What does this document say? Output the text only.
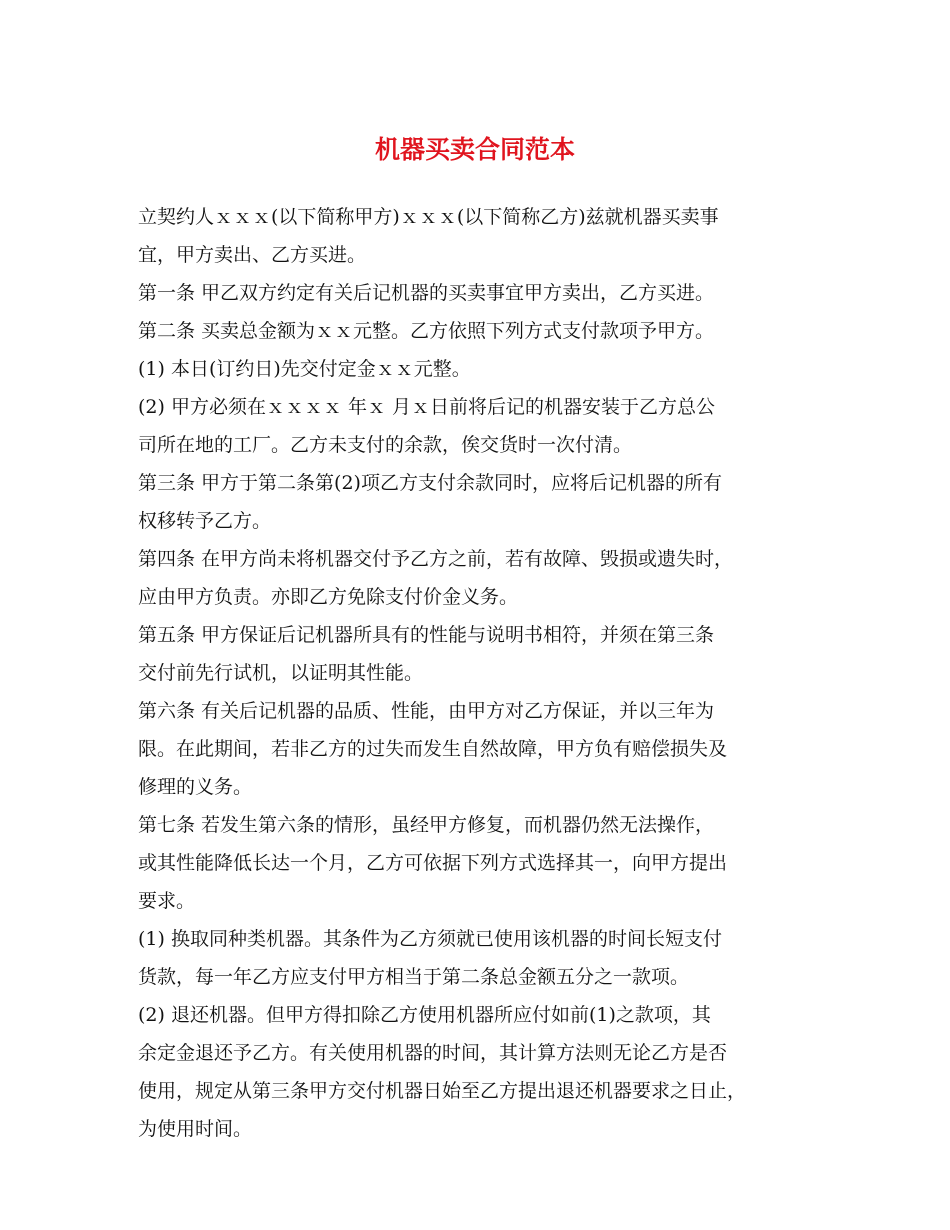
机器买卖合同范本

立契约人ｘｘｘ(以下简称甲方)ｘｘｘ(以下简称乙方)兹就机器买卖事
宜，甲方卖出、乙方买进。

第一条 甲乙双方约定有关后记机器的买卖事宜甲方卖出，乙方买进。

第二条 买卖总金额为ｘｘ元整。乙方依照下列方式支付款项予甲方。

(1) 本日(订约日)先交付定金ｘｘ元整。

(2) 甲方必须在ｘｘｘｘ 年ｘ 月ｘ日前将后记的机器安装于乙方总公
司所在地的工厂。乙方未支付的余款，俟交货时一次付清。

第三条 甲方于第二条第(2)项乙方支付余款同时，应将后记机器的所有
权移转予乙方。

第四条 在甲方尚未将机器交付予乙方之前，若有故障、毁损或遗失时，
应由甲方负责。亦即乙方免除支付价金义务。

第五条 甲方保证后记机器所具有的性能与说明书相符，并须在第三条
交付前先行试机，以证明其性能。

第六条 有关后记机器的品质、性能，由甲方对乙方保证，并以三年为
限。在此期间，若非乙方的过失而发生自然故障，甲方负有赔偿损失及
修理的义务。

第七条 若发生第六条的情形，虽经甲方修复，而机器仍然无法操作，
或其性能降低长达一个月，乙方可依据下列方式选择其一，向甲方提出
要求。

(1) 换取同种类机器。其条件为乙方须就已使用该机器的时间长短支付
货款，每一年乙方应支付甲方相当于第二条总金额五分之一款项。

(2) 退还机器。但甲方得扣除乙方使用机器所应付如前(1)之款项，其
余定金退还予乙方。有关使用机器的时间，其计算方法则无论乙方是否
使用，规定从第三条甲方交付机器日始至乙方提出退还机器要求之日止，
为使用时间。
